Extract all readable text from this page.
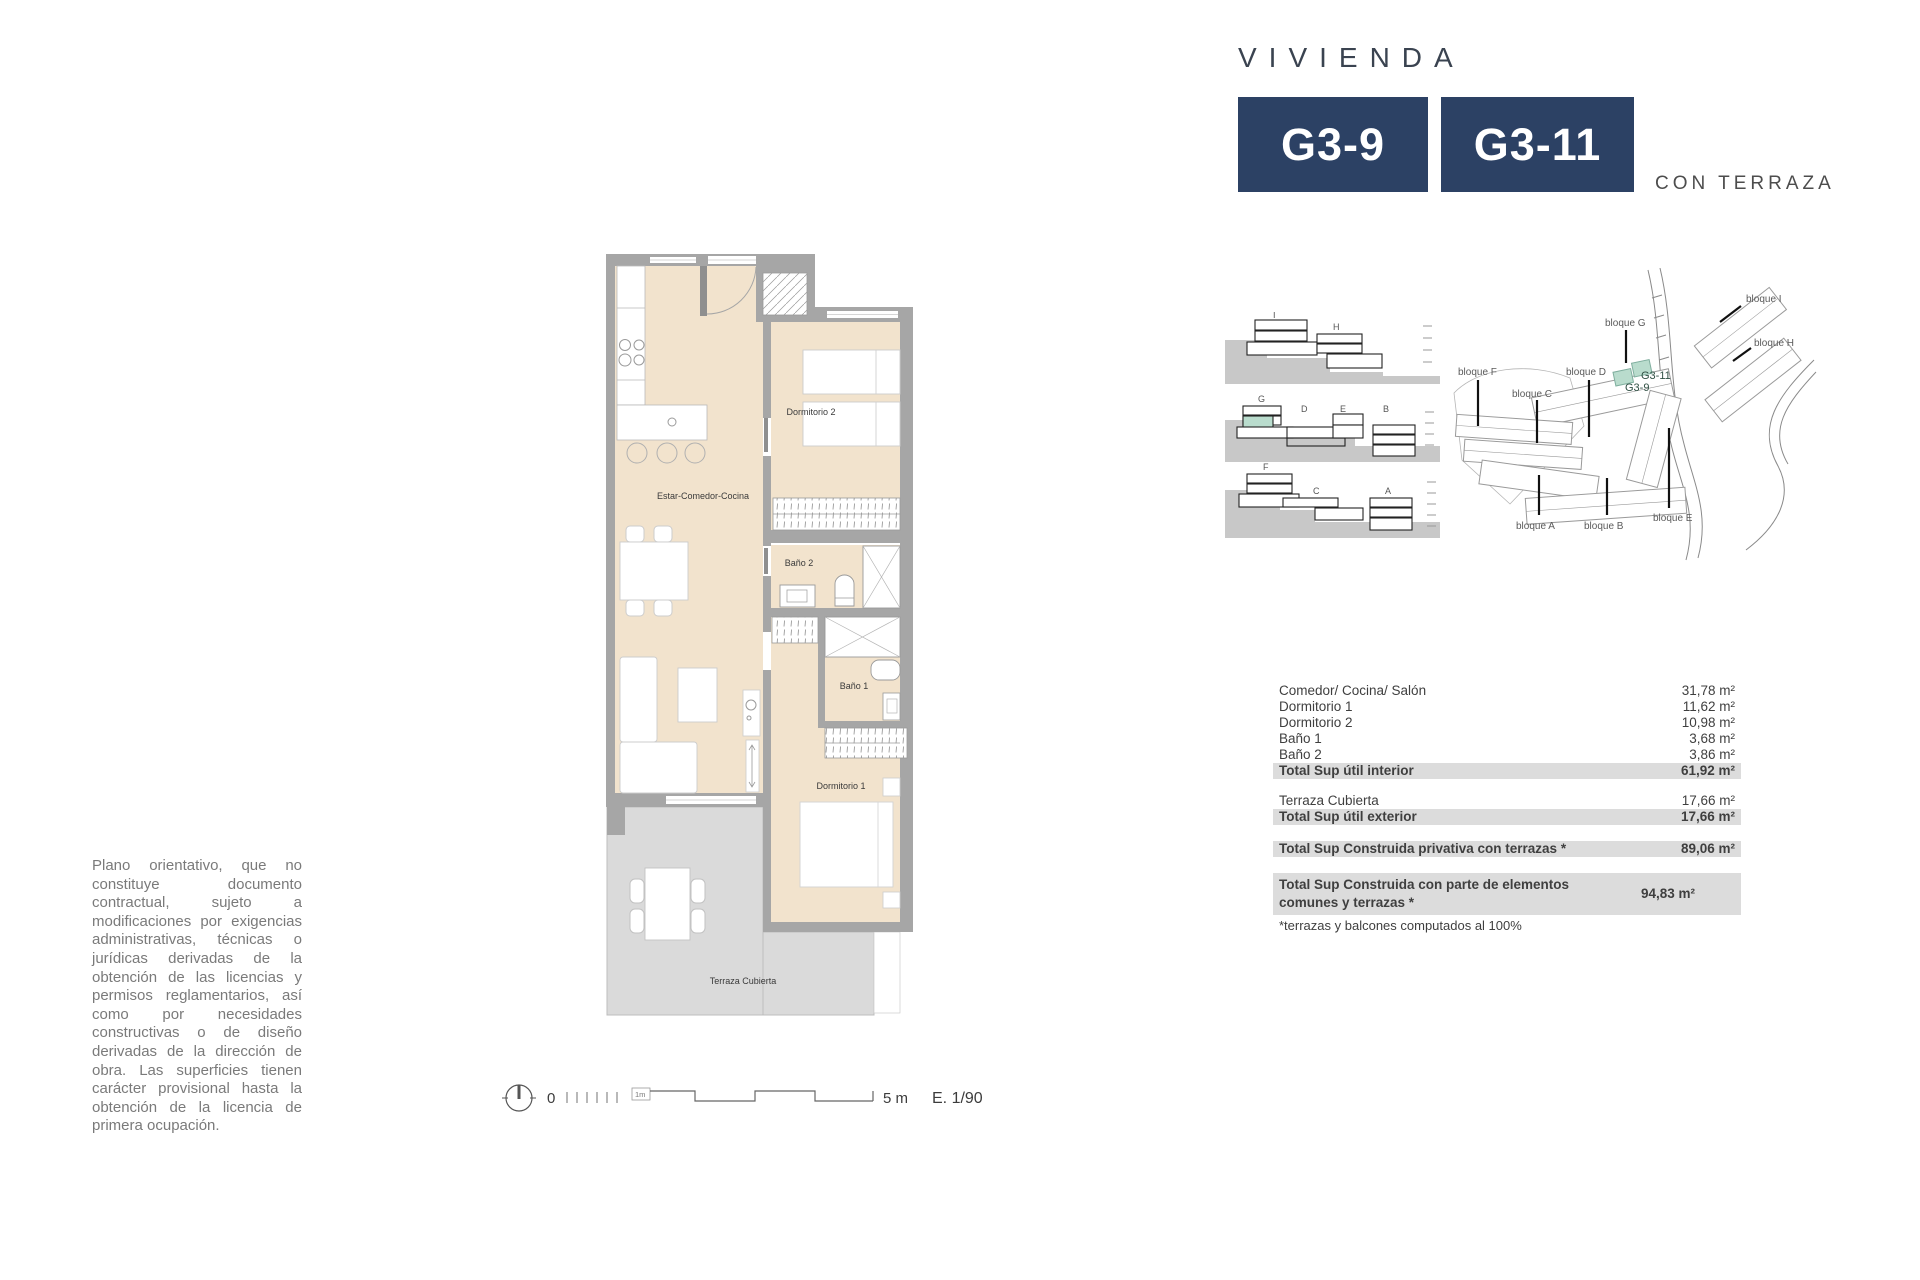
VIVIENDA
G3-9	G3-11
CON TERRAZA
Estar-Comedor-Cocina
Dormitorio 2
Baño 2
Baño 1
Dormitorio 1
Terraza Cubierta
0	1m	5 m E. 1/90
I
H
G
D	E	B
F
C	A
bloque G
bloque I
bloque H
bloque F	bloque D
bloque C
bloque A	bloque B
bloque E
G3-11
G3-9
Comedor/ Cocina/ Salón	31,78 m²
Dormitorio 1	11,62 m²
Dormitorio 2	10,98 m²
Baño 1	3,68 m²
Baño 2	3,86 m²
Total Sup útil interior	61,92 m²
Terraza Cubierta	17,66 m²
Total Sup útil exterior	17,66 m²
Total Sup Construida privativa con terrazas *	89,06 m²
Total Sup Construida con parte de elementos comunes y terrazas *
94,83 m²
*terrazas y balcones computados al 100%
Plano orientativo, que no constituye documento contractual, sujeto a modificaciones por exigencias administrativas, técnicas o jurídicas derivadas de la obtención de las licencias y permisos reglamentarios, así como por necesidades constructivas o de diseño derivadas de la dirección de obra. Las superficies tienen carácter provisional hasta la obtención de la licencia de primera ocupación.
